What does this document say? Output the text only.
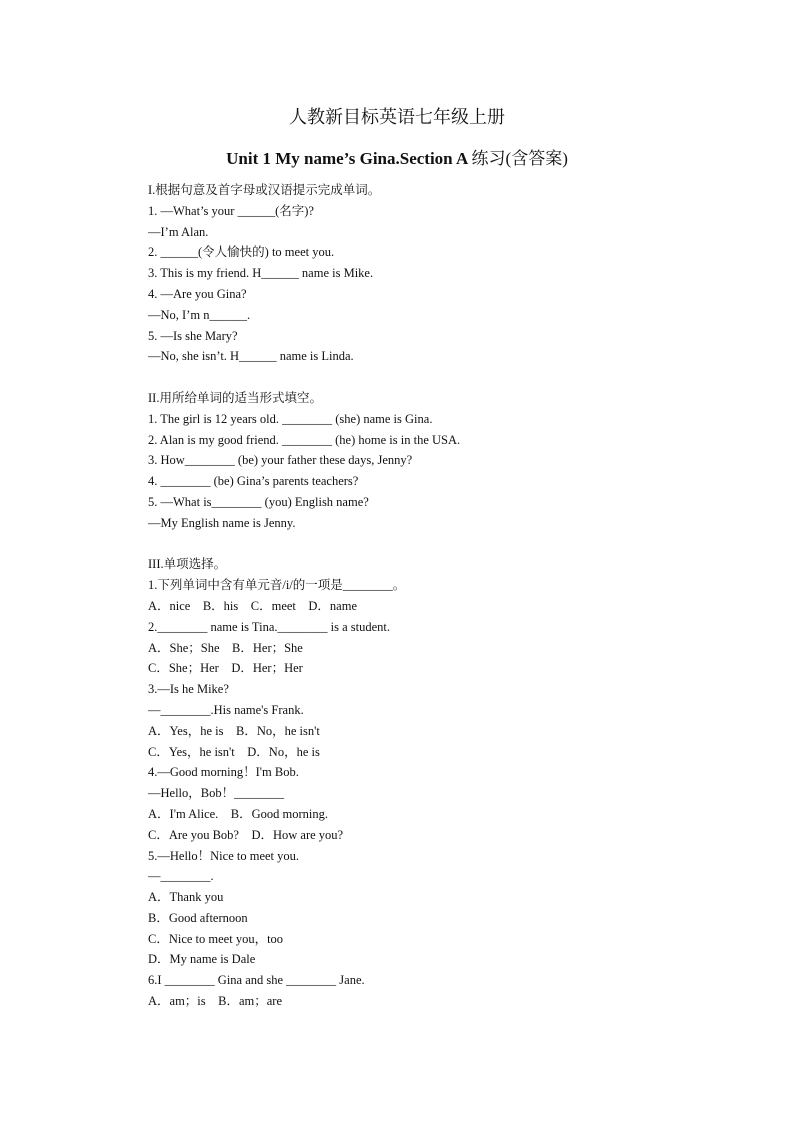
人教新目标英语七年级上册
Unit 1 My name’s Gina.Section A 练习(含答案)
I.根据句意及首字母或汉语提示完成单词。
1. —What’s your ______(名字)?
—I’m Alan.
2. ______(令人愉快的) to meet you.
3. This is my friend. H______ name is Mike.
4. —Are you Gina?
—No, I’m n______.
5. —Is she Mary?
—No, she isn’t. H______ name is Linda.
II.用所给单词的适当形式填空。
1. The girl is 12 years old. ________ (she) name is Gina.
2. Alan is my good friend. ________ (he) home is in the USA.
3. How________ (be) your father these days, Jenny?
4. ________ (be) Gina’s parents teachers?
5. —What is________ (you) English name?
—My English name is Jenny.
III.单项选择。
1.下列单词中含有单元音/i/的一项是________。
A．nice    B．his    C．meet    D．name
2.________ name is Tina.________ is a student.
A．She；She    B．Her；She
C．She；Her    D．Her；Her
3.—Is he Mike?
—________.His name's Frank.
A．Yes，he is    B．No，he isn't
C．Yes，he isn't    D．No，he is
4.—Good morning！I'm Bob.
—Hello，Bob！________
A．I'm Alice.    B．Good morning.
C．Are you Bob?    D．How are you?
5.—Hello！Nice to meet you.
—________.
A．Thank you
B．Good afternoon
C．Nice to meet you，too
D．My name is Dale
6.I ________ Gina and she ________ Jane.
A．am；is    B．am；are
